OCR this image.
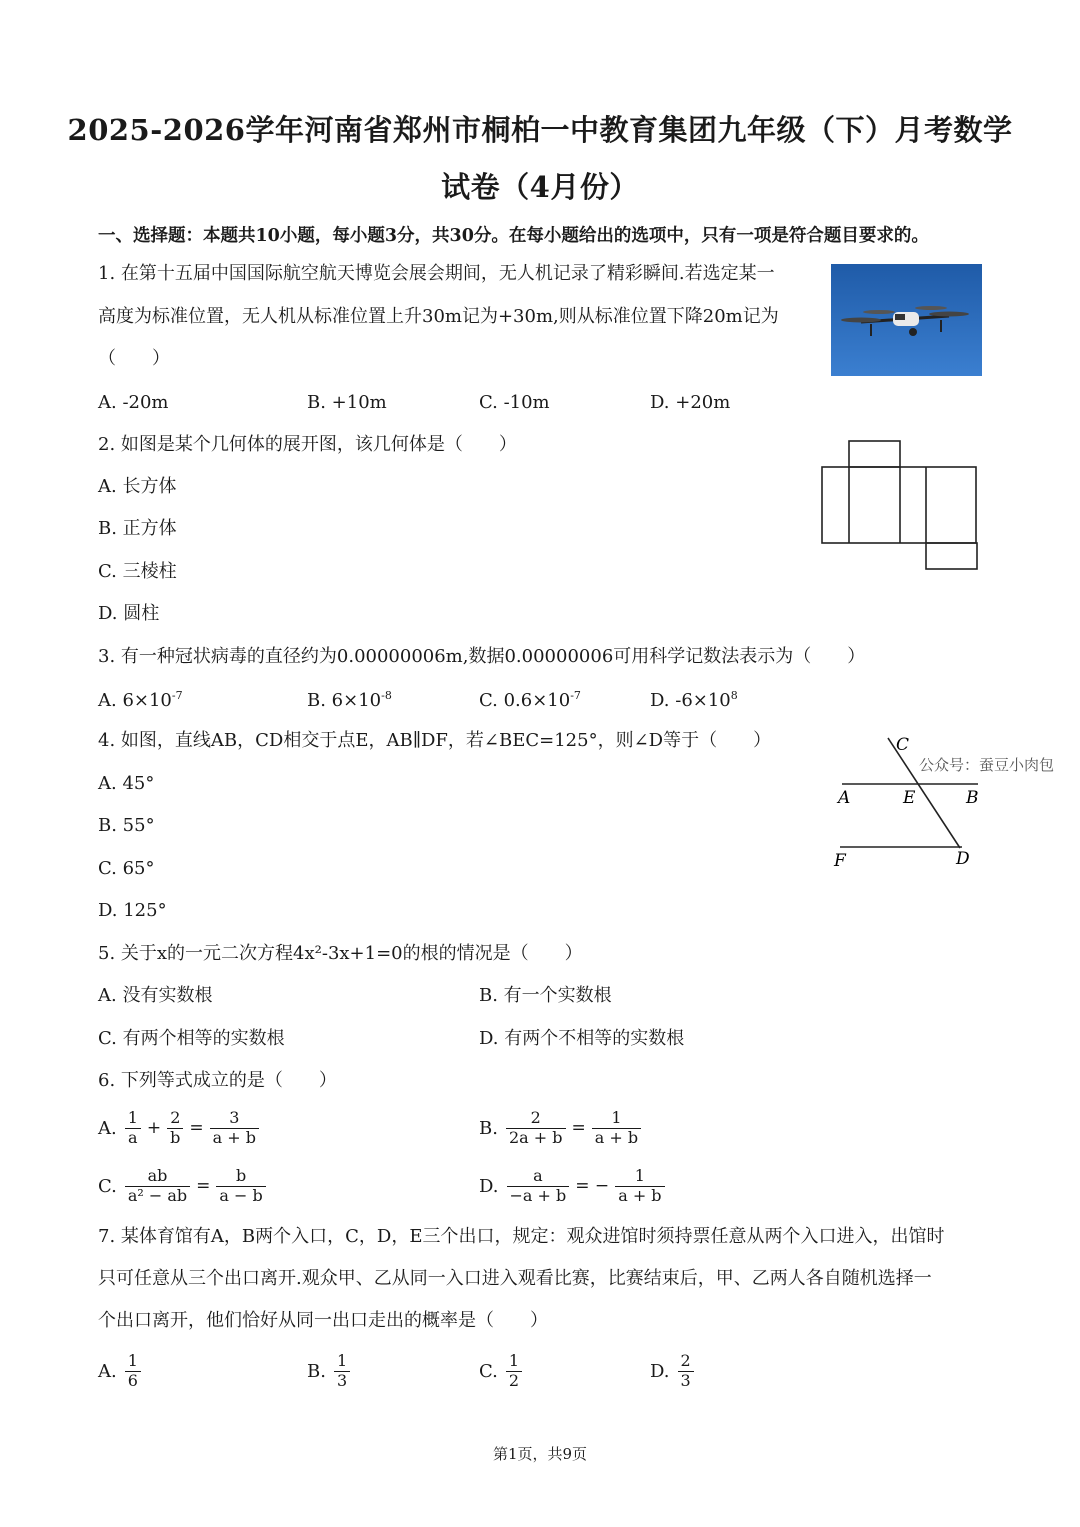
2025-2026学年河南省郑州市桐柏一中教育集团九年级（下）月考数学
试卷（4月份）
一、选择题：本题共10小题，每小题3分，共30分。在每小题给出的选项中，只有一项是符合题目要求的。
1. 在第十五届中国国际航空航天博览会展会期间，无人机记录了精彩瞬间.若选定某一
高度为标准位置，无人机从标准位置上升30m记为+30m,则从标准位置下降20m记为
（　　）
A. -20m	B. +10m	C. -10m	D. +20m
2. 如图是某个几何体的展开图，该几何体是（　　）
A. 长方体
B. 正方体
C. 三棱柱
D. 圆柱
3. 有一种冠状病毒的直径约为0.00000006m,数据0.00000006可用科学记数法表示为（　　）
A. $6\times 10^{-7}$	B. $6\times 10^{-8}$	C. $0.6\times 10^{-7}$	D. $-6\times 10^8$
4. 如图，直线AB，CD相交于点E，AB∥DF，若∠BEC=125°，则∠D等于（　　）
A. 45°
B. 55°
C. 65°
D. 125°
C
A	E	B
F	D
公众号：蚕豆小肉包
5. 关于x的一元二次方程4x²-3x+1=0的根的情况是（　　）
A. 没有实数根	B. 有一个实数根
C. 有两个相等的实数根	D. 有两个不相等的实数根
6. 下列等式成立的是（　　）
A. $\frac{1}{a} + \frac{2}{b} = \frac{3}{a + b}$	B. $\frac{2}{2a + b} = \frac{1}{a + b}$
C. $\frac{ab}{\text{a² − ab}} = \frac{b}{a - b}$	D. $\frac{a}{-a + b}$ = − $\frac{1}{a + b}$
7. 某体育馆有A，B两个入口，C，D，E三个出口，规定：观众进馆时须持票任意从两个入口进入，出馆时
只可任意从三个出口离开.观众甲、乙从同一入口进入观看比赛，比赛结束后，甲、乙两人各自随机选择一
个出口离开，他们恰好从同一出口走出的概率是（　　）
A. $\frac{1}{6}$	B. $\frac{1}{3}$	C. $\frac{1}{2}$	D. $\frac{2}{3}$
第1页，共9页
